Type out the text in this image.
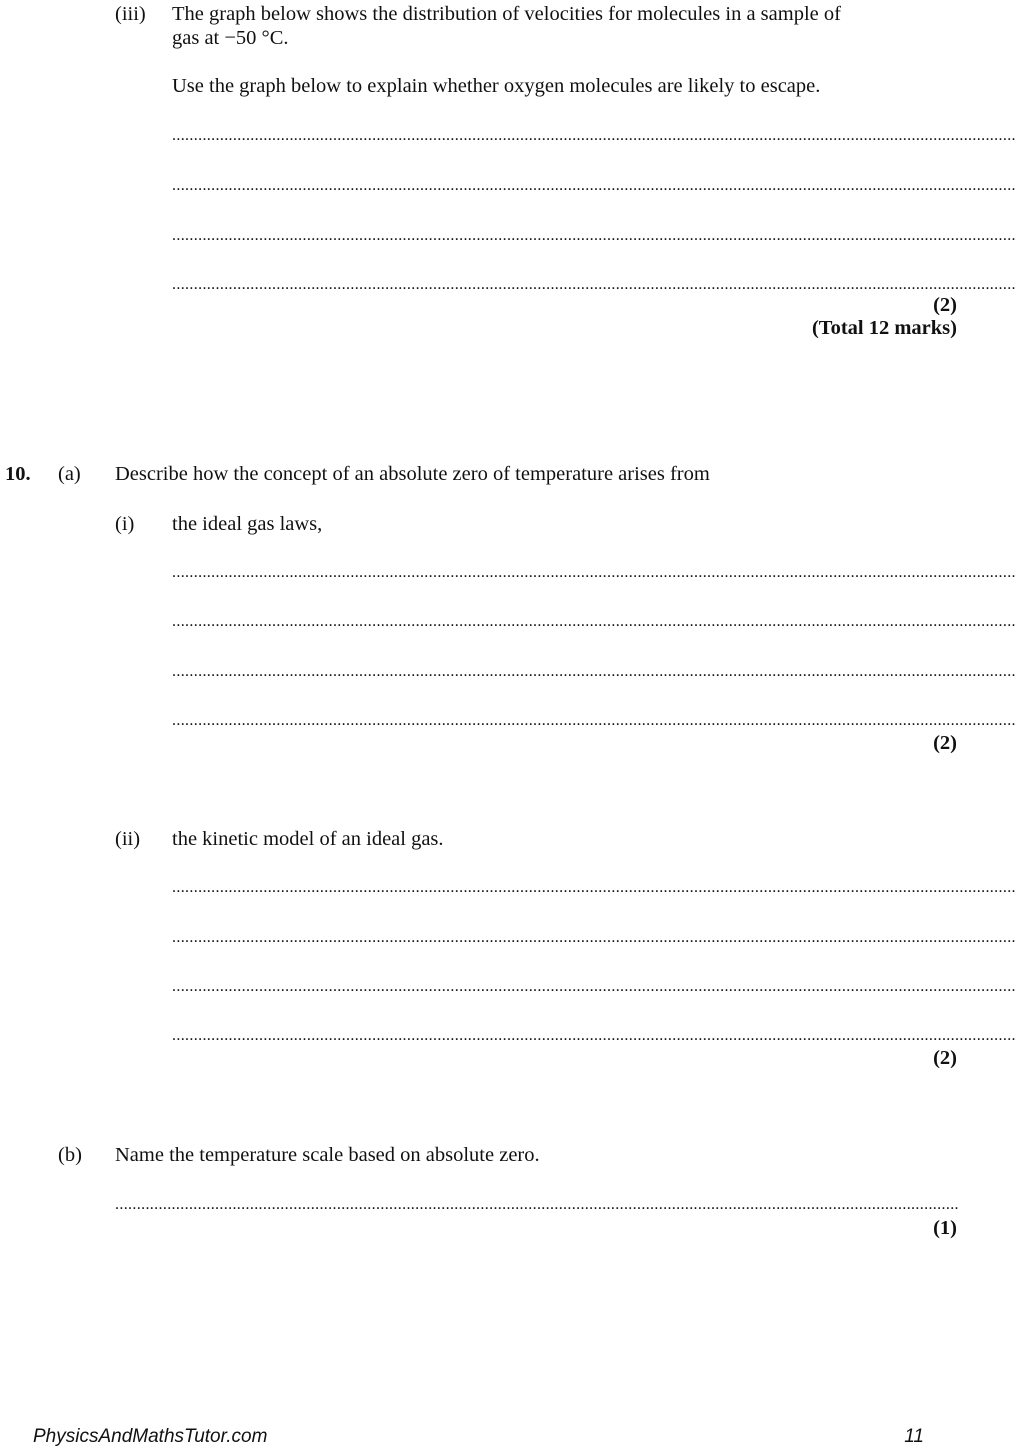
(iii) The graph below shows the distribution of velocities for molecules in a sample of
gas at −50 °C.
Use the graph below to explain whether oxygen molecules are likely to escape.
..................................................................................................................................................................................................
..................................................................................................................................................................................................
..................................................................................................................................................................................................
..................................................................................................................................................................................................
(2)
(Total 12 marks)
10. (a) Describe how the concept of an absolute zero of temperature arises from
(i) the ideal gas laws,
..................................................................................................................................................................................................
..................................................................................................................................................................................................
..................................................................................................................................................................................................
..................................................................................................................................................................................................
(2)
(ii) the kinetic model of an ideal gas.
..................................................................................................................................................................................................
..................................................................................................................................................................................................
..................................................................................................................................................................................................
..................................................................................................................................................................................................
(2)
(b) Name the temperature scale based on absolute zero.
..................................................................................................................................................................................................
(1)
PhysicsAndMathsTutor.com	11
